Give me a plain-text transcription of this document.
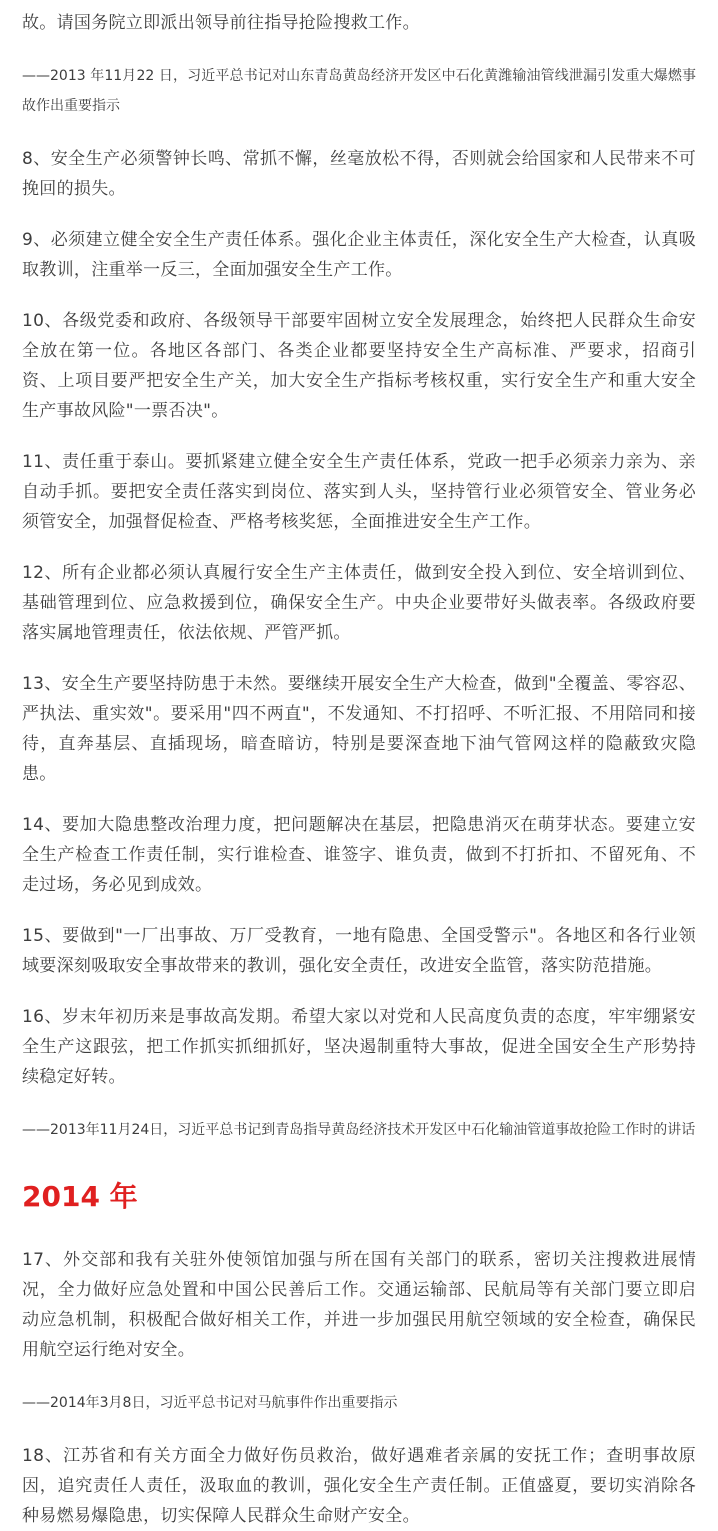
故。请国务院立即派出领导前往指导抢险搜救工作。

——2013 年11月22 日，习近平总书记对山东青岛黄岛经济开发区中石化黄潍输油管线泄漏引发重大爆燃事故作出重要指示

8、安全生产必须警钟长鸣、常抓不懈，丝毫放松不得，否则就会给国家和人民带来不可挽回的损失。

9、必须建立健全安全生产责任体系。强化企业主体责任，深化安全生产大检查，认真吸取教训，注重举一反三，全面加强安全生产工作。

10、各级党委和政府、各级领导干部要牢固树立安全发展理念，始终把人民群众生命安全放在第一位。各地区各部门、各类企业都要坚持安全生产高标准、严要求，招商引资、上项目要严把安全生产关，加大安全生产指标考核权重，实行安全生产和重大安全生产事故风险"一票否决"。

11、责任重于泰山。要抓紧建立健全安全生产责任体系，党政一把手必须亲力亲为、亲自动手抓。要把安全责任落实到岗位、落实到人头，坚持管行业必须管安全、管业务必须管安全，加强督促检查、严格考核奖惩，全面推进安全生产工作。

12、所有企业都必须认真履行安全生产主体责任，做到安全投入到位、安全培训到位、基础管理到位、应急救援到位，确保安全生产。中央企业要带好头做表率。各级政府要落实属地管理责任，依法依规、严管严抓。

13、安全生产要坚持防患于未然。要继续开展安全生产大检查，做到"全覆盖、零容忍、严执法、重实效"。要采用"四不两直"，不发通知、不打招呼、不听汇报、不用陪同和接待，直奔基层、直插现场，暗查暗访，特别是要深查地下油气管网这样的隐蔽致灾隐患。

14、要加大隐患整改治理力度，把问题解决在基层，把隐患消灭在萌芽状态。要建立安全生产检查工作责任制，实行谁检查、谁签字、谁负责，做到不打折扣、不留死角、不走过场，务必见到成效。

15、要做到"一厂出事故、万厂受教育，一地有隐患、全国受警示"。各地区和各行业领域要深刻吸取安全事故带来的教训，强化安全责任，改进安全监管，落实防范措施。

16、岁末年初历来是事故高发期。希望大家以对党和人民高度负责的态度，牢牢绷紧安全生产这跟弦，把工作抓实抓细抓好，坚决遏制重特大事故，促进全国安全生产形势持续稳定好转。

——2013年11月24日，习近平总书记到青岛指导黄岛经济技术开发区中石化输油管道事故抢险工作时的讲话

2014 年

17、外交部和我有关驻外使领馆加强与所在国有关部门的联系，密切关注搜救进展情况，全力做好应急处置和中国公民善后工作。交通运输部、民航局等有关部门要立即启动应急机制，积极配合做好相关工作，并进一步加强民用航空领域的安全检查，确保民用航空运行绝对安全。

——2014年3月8日，习近平总书记对马航事件作出重要指示

18、江苏省和有关方面全力做好伤员救治，做好遇难者亲属的安抚工作；查明事故原因，追究责任人责任，汲取血的教训，强化安全生产责任制。正值盛夏，要切实消除各种易燃易爆隐患，切实保障人民群众生命财产安全。
